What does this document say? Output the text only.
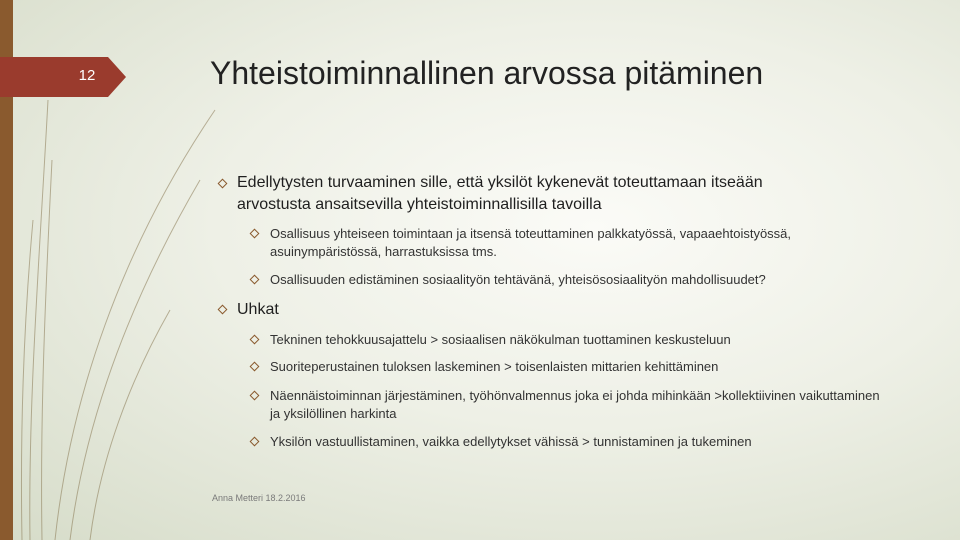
12	Yhteistoiminnallinen arvossa pitäminen
Edellytysten turvaaminen sille, että yksilöt kykenevät toteuttamaan itseään arvostusta ansaitsevilla yhteistoiminnallisilla tavoilla
Osallisuus yhteiseen toimintaan ja itsensä toteuttaminen palkkatyössä, vapaaehtoistyössä, asuinympäristössä, harrastuksissa tms.
Osallisuuden edistäminen sosiaalityön tehtävänä, yhteisösosiaalityön mahdollisuudet?
Uhkat
Tekninen tehokkuusajattelu > sosiaalisen näkökulman tuottaminen keskusteluun
Suoriteperustainen tuloksen laskeminen > toisenlaisten mittarien kehittäminen
Näennäistoiminnan järjestäminen, työhönvalmennus joka ei johda mihinkään >kollektiivinen vaikuttaminen ja yksilöllinen harkinta
Yksilön vastuullistaminen, vaikka edellytykset vähissä > tunnistaminen ja tukeminen
Anna Metteri 18.2.2016
